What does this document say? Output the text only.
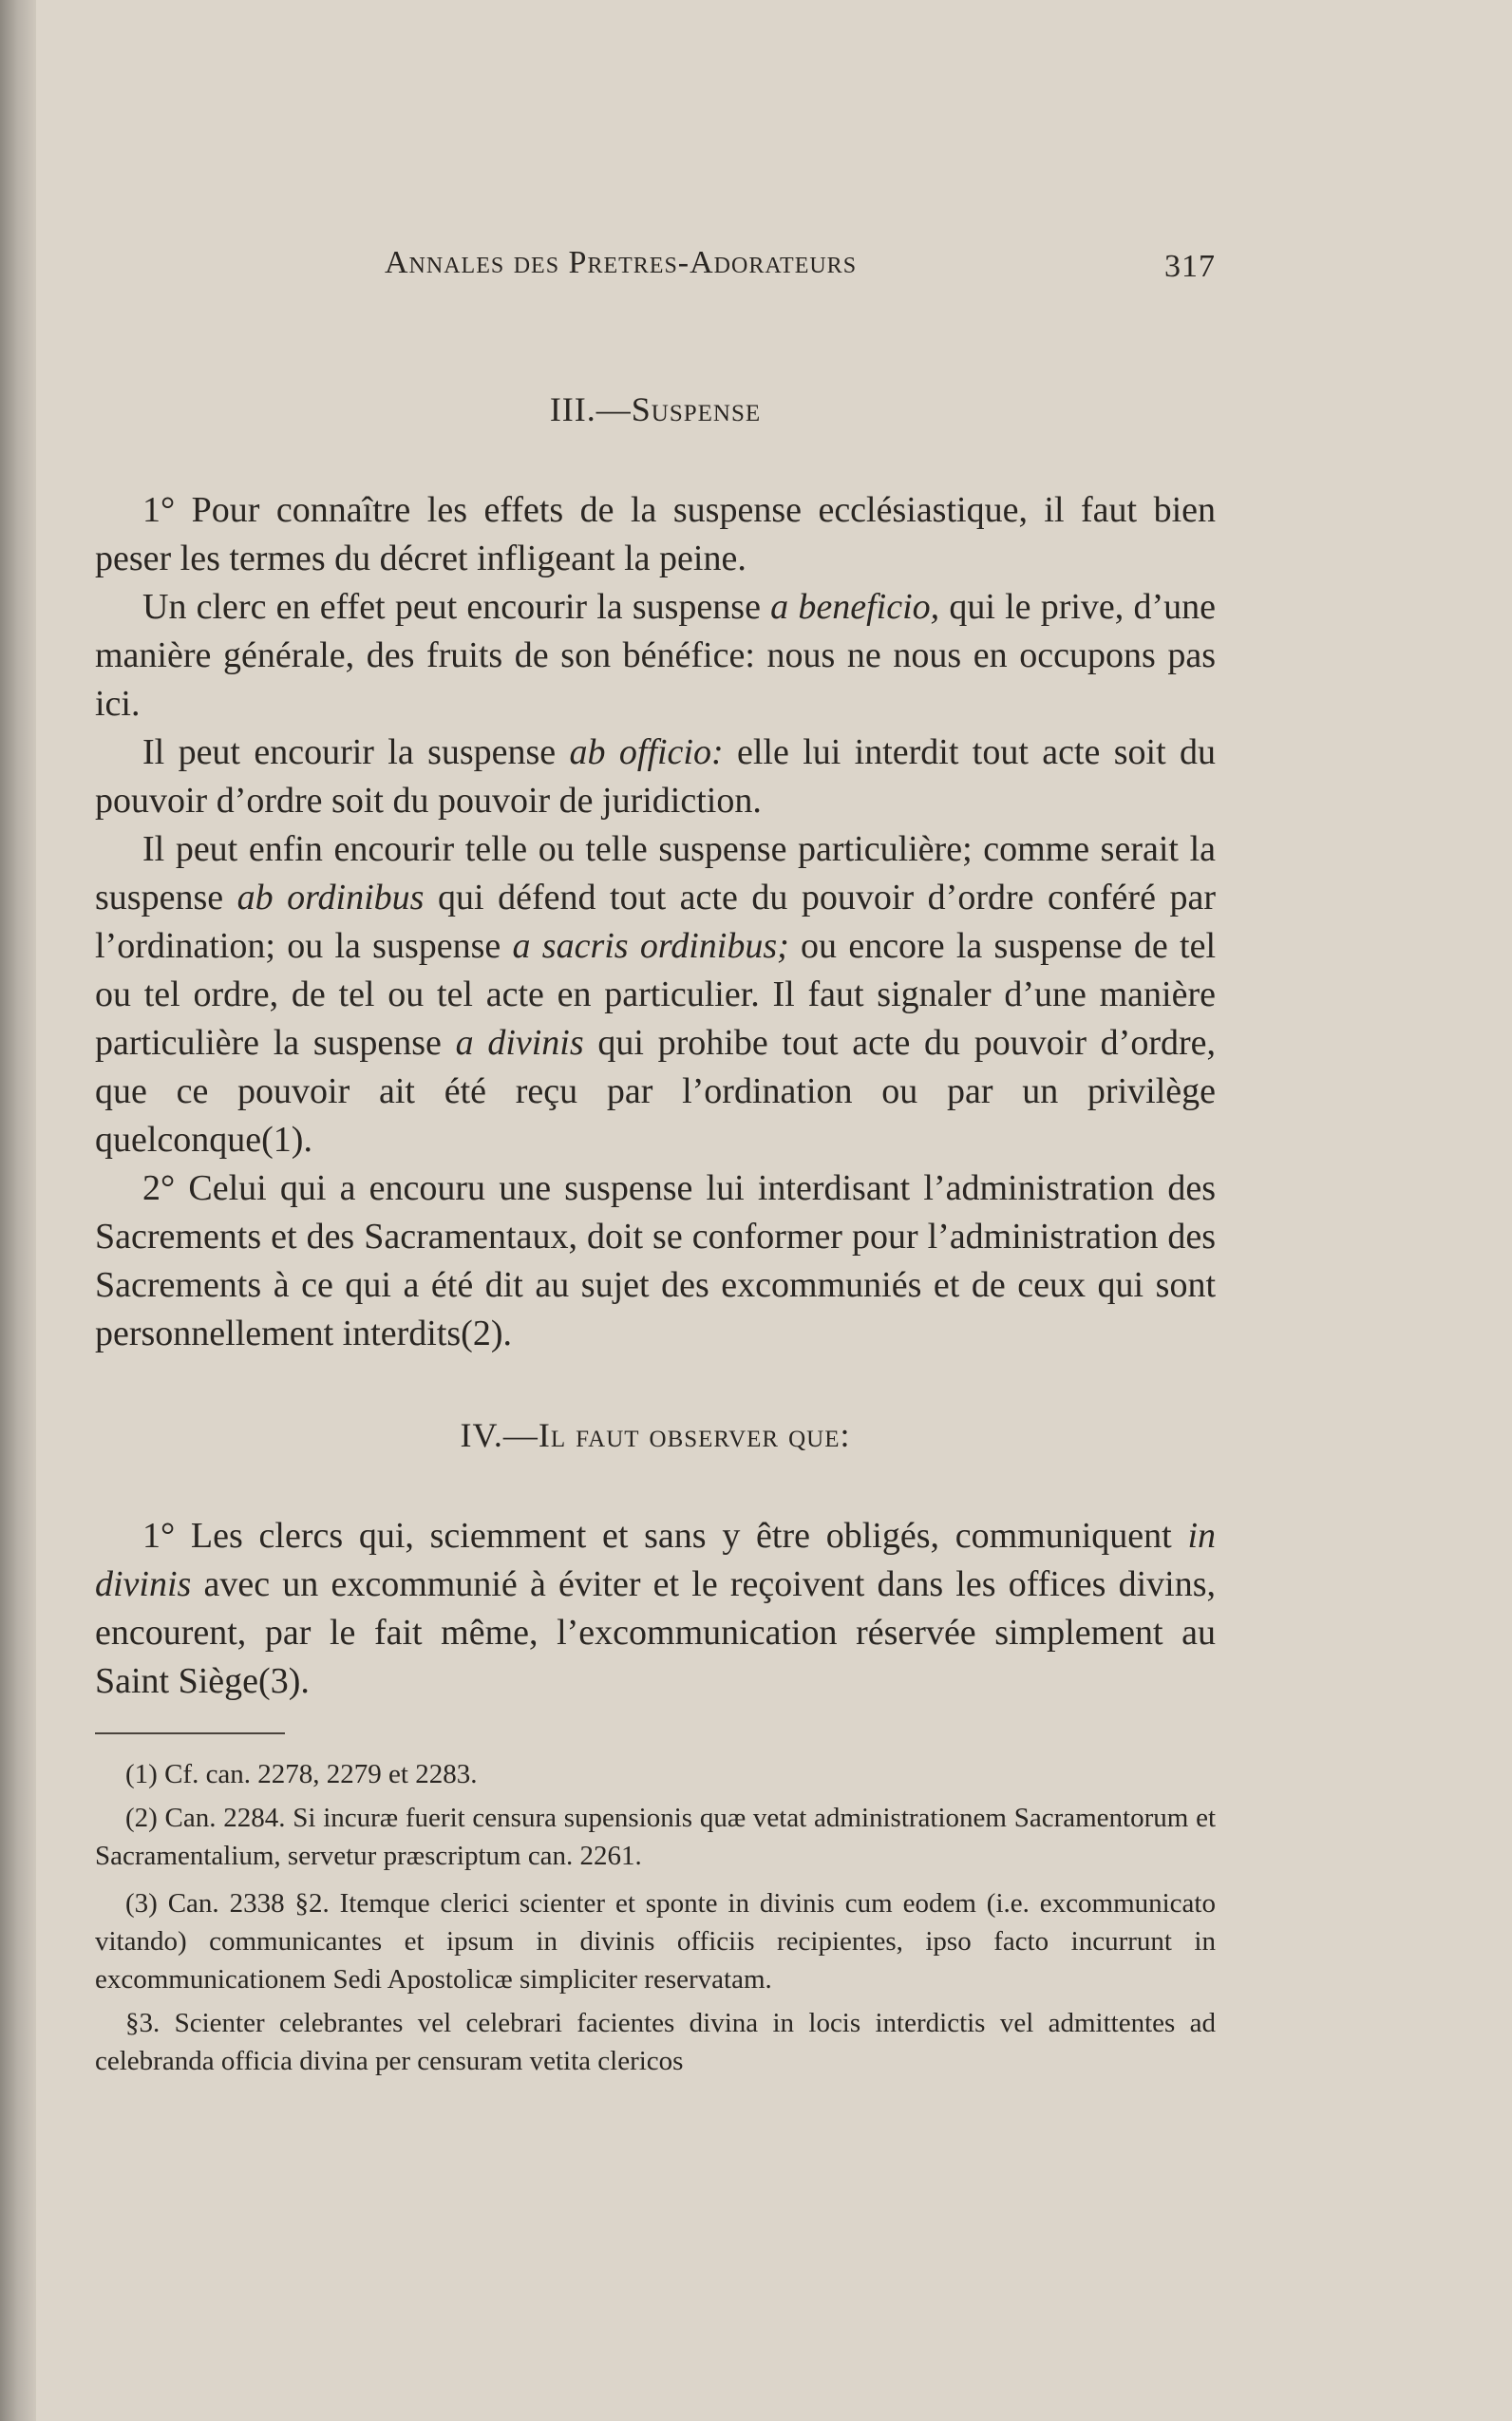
Annales des Pretres-Adorateurs	317
III.—Suspense

1° Pour connaître les effets de la suspense ecclésiastique, il faut bien peser les termes du décret infligeant la peine.

Un clerc en effet peut encourir la suspense a beneficio, qui le prive, d’une manière générale, des fruits de son bénéfice: nous ne nous en occupons pas ici.

Il peut encourir la suspense ab officio: elle lui interdit tout acte soit du pouvoir d’ordre soit du pouvoir de juridiction.

Il peut enfin encourir telle ou telle suspense particulière; comme serait la suspense ab ordinibus qui défend tout acte du pouvoir d’ordre conféré par l’ordination; ou la suspense a sacris ordinibus; ou encore la suspense de tel ou tel ordre, de tel ou tel acte en particulier. Il faut signaler d’une manière particulière la suspense a divinis qui prohibe tout acte du pouvoir d’ordre, que ce pouvoir ait été reçu par l’ordination ou par un privilège quelconque(1).

2° Celui qui a encouru une suspense lui interdisant l’administration des Sacrements et des Sacramentaux, doit se conformer pour l’administration des Sacrements à ce qui a été dit au sujet des excommuniés et de ceux qui sont personnellement interdits(2).

IV.—Il faut observer que:

1° Les clercs qui, sciemment et sans y être obligés, communiquent in divinis avec un excommunié à éviter et le reçoivent dans les offices divins, encourent, par le fait même, l’excommunication réservée simplement au Saint Siège(3).

(1) Cf. can. 2278, 2279 et 2283.

(2) Can. 2284. Si incuræ fuerit censura supensionis quæ vetat administrationem Sacramentorum et Sacramentalium, servetur præscriptum can. 2261.

(3) Can. 2338 §2. Itemque clerici scienter et sponte in divinis cum eodem (i.e. excommunicato vitando) communicantes et ipsum in divinis officiis recipientes, ipso facto incurrunt in excommunicationem Sedi Apostolicæ simpliciter reservatam.

§3. Scienter celebrantes vel celebrari facientes divina in locis interdictis vel admittentes ad celebranda officia divina per censuram vetita clericos
